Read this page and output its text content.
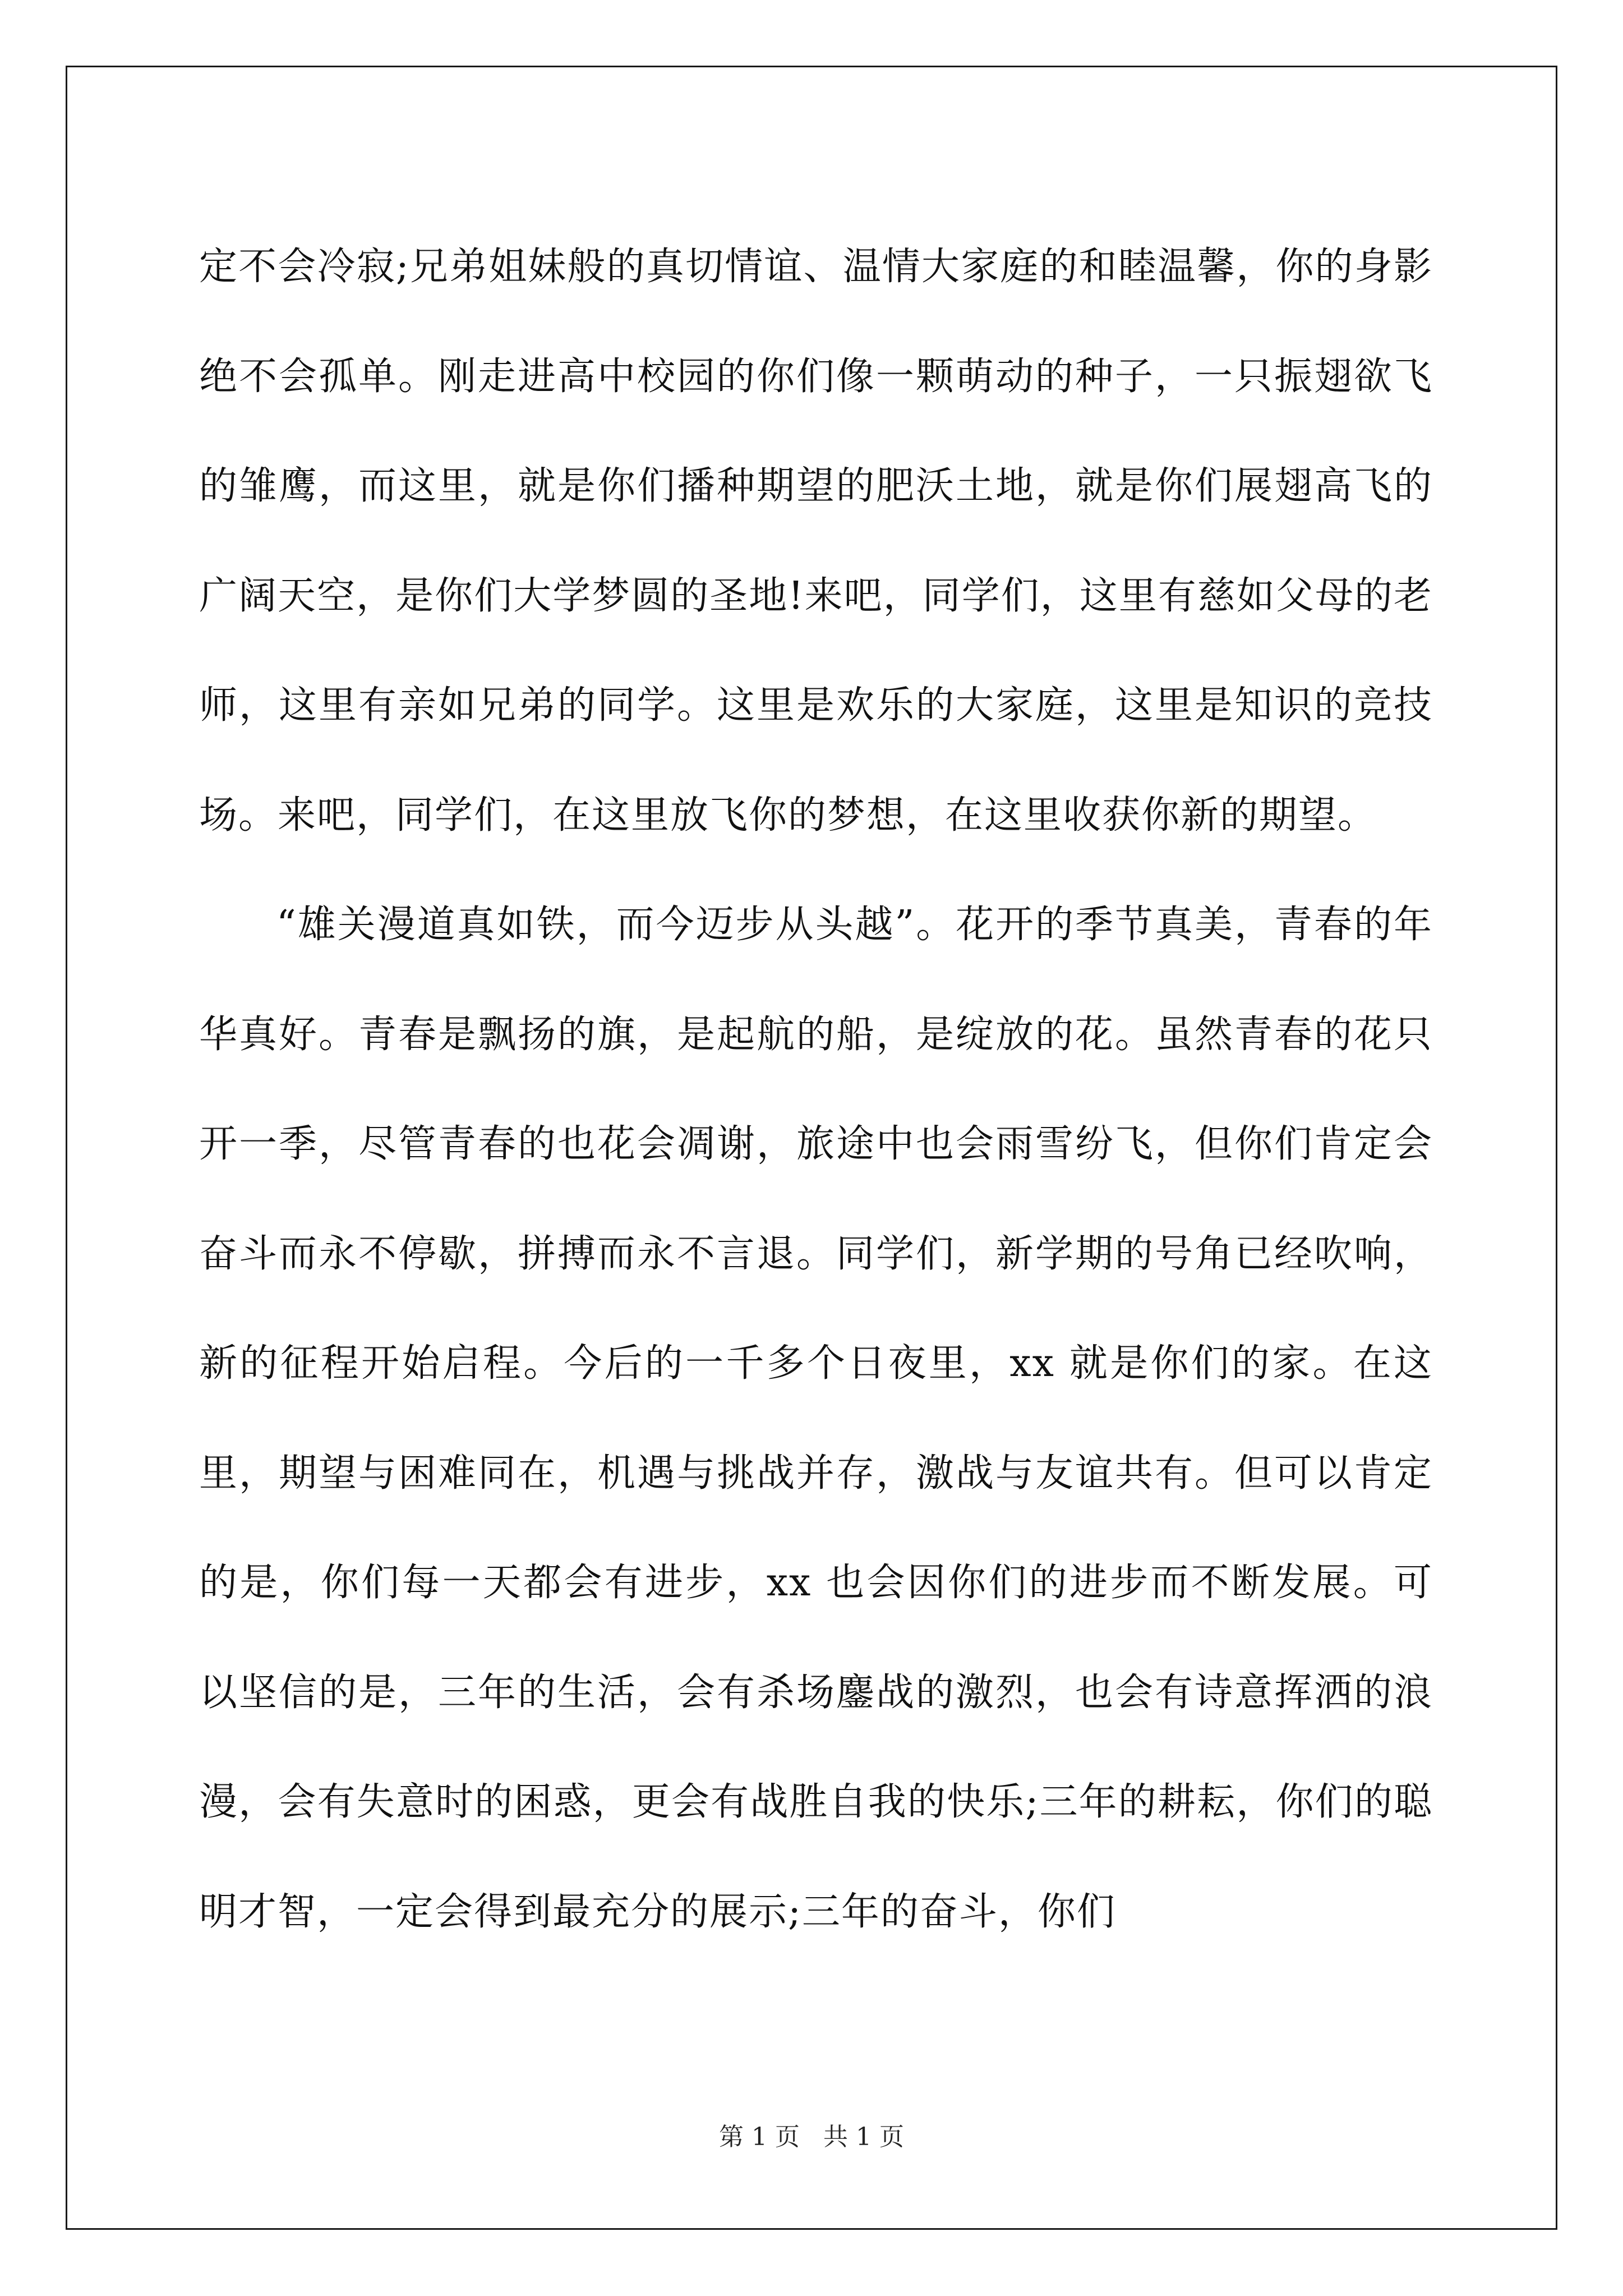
定不会冷寂;兄弟姐妹般的真切情谊、温情大家庭的和睦温馨，你的身影绝不会孤单。刚走进高中校园的你们像一颗萌动的种子，一只振翅欲飞的雏鹰，而这里，就是你们播种期望的肥沃土地，就是你们展翅高飞的广阔天空，是你们大学梦圆的圣地!来吧，同学们，这里有慈如父母的老师，这里有亲如兄弟的同学。这里是欢乐的大家庭，这里是知识的竞技场。来吧，同学们，在这里放飞你的梦想，在这里收获你新的期望。

“雄关漫道真如铁，而今迈步从头越”。花开的季节真美，青春的年华真好。青春是飘扬的旗，是起航的船，是绽放的花。虽然青春的花只开一季，尽管青春的也花会凋谢，旅途中也会雨雪纷飞，但你们肯定会奋斗而永不停歇，拼搏而永不言退。同学们，新学期的号角已经吹响，新的征程开始启程。今后的一千多个日夜里，xx 就是你们的家。在这里，期望与困难同在，机遇与挑战并存，激战与友谊共有。但可以肯定的是，你们每一天都会有进步，xx 也会因你们的进步而不断发展。可以坚信的是，三年的生活，会有杀场鏖战的激烈，也会有诗意挥洒的浪漫，会有失意时的困惑，更会有战胜自我的快乐;三年的耕耘，你们的聪明才智，一定会得到最充分的展示;三年的奋斗，你们

第 1 页   共 1 页
